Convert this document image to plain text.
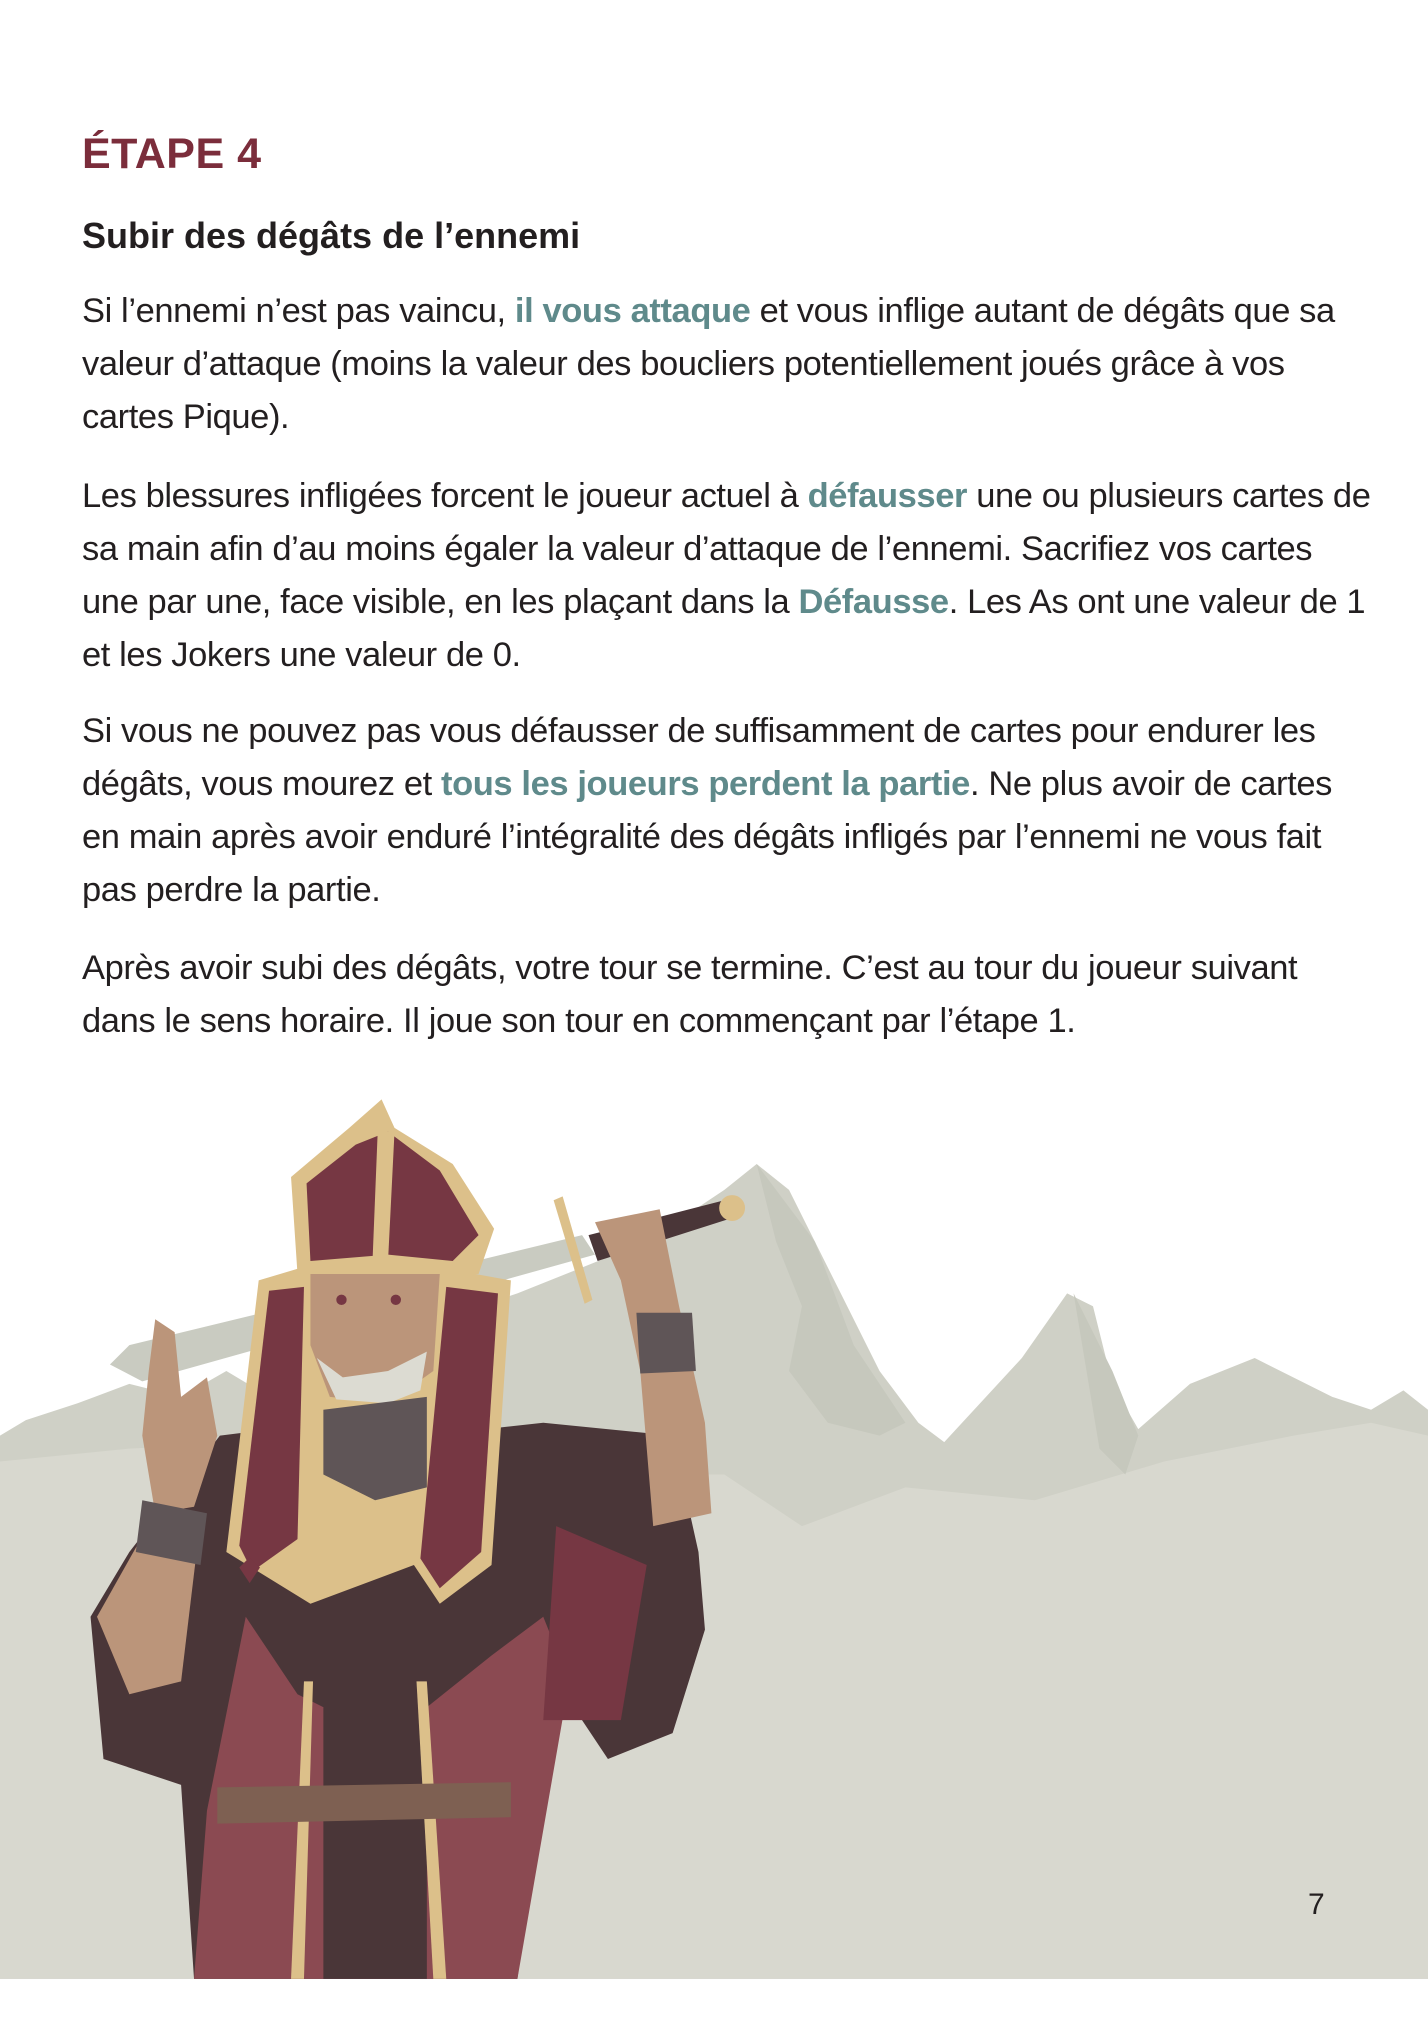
ÉTAPE 4
Subir des dégâts de l’ennemi

Si l’ennemi n’est pas vaincu, il vous attaque et vous inflige autant de dégâts que sa valeur d’attaque (moins la valeur des boucliers potentiellement joués grâce à vos cartes Pique).

Les blessures infligées forcent le joueur actuel à défausser une ou plusieurs cartes de sa main afin d’au moins égaler la valeur d’attaque de l’ennemi. Sacrifiez vos cartes une par une, face visible, en les plaçant dans la Défausse. Les As ont une valeur de 1 et les Jokers une valeur de 0.

Si vous ne pouvez pas vous défausser de suffisamment de cartes pour endurer les dégâts, vous mourez et tous les joueurs perdent la partie. Ne plus avoir de cartes en main après avoir enduré l’intégralité des dégâts infligés par l’ennemi ne vous fait pas perdre la partie.

Après avoir subi des dégâts, votre tour se termine. C’est au tour du joueur suivant dans le sens horaire. Il joue son tour en commençant par l’étape 1.

7
